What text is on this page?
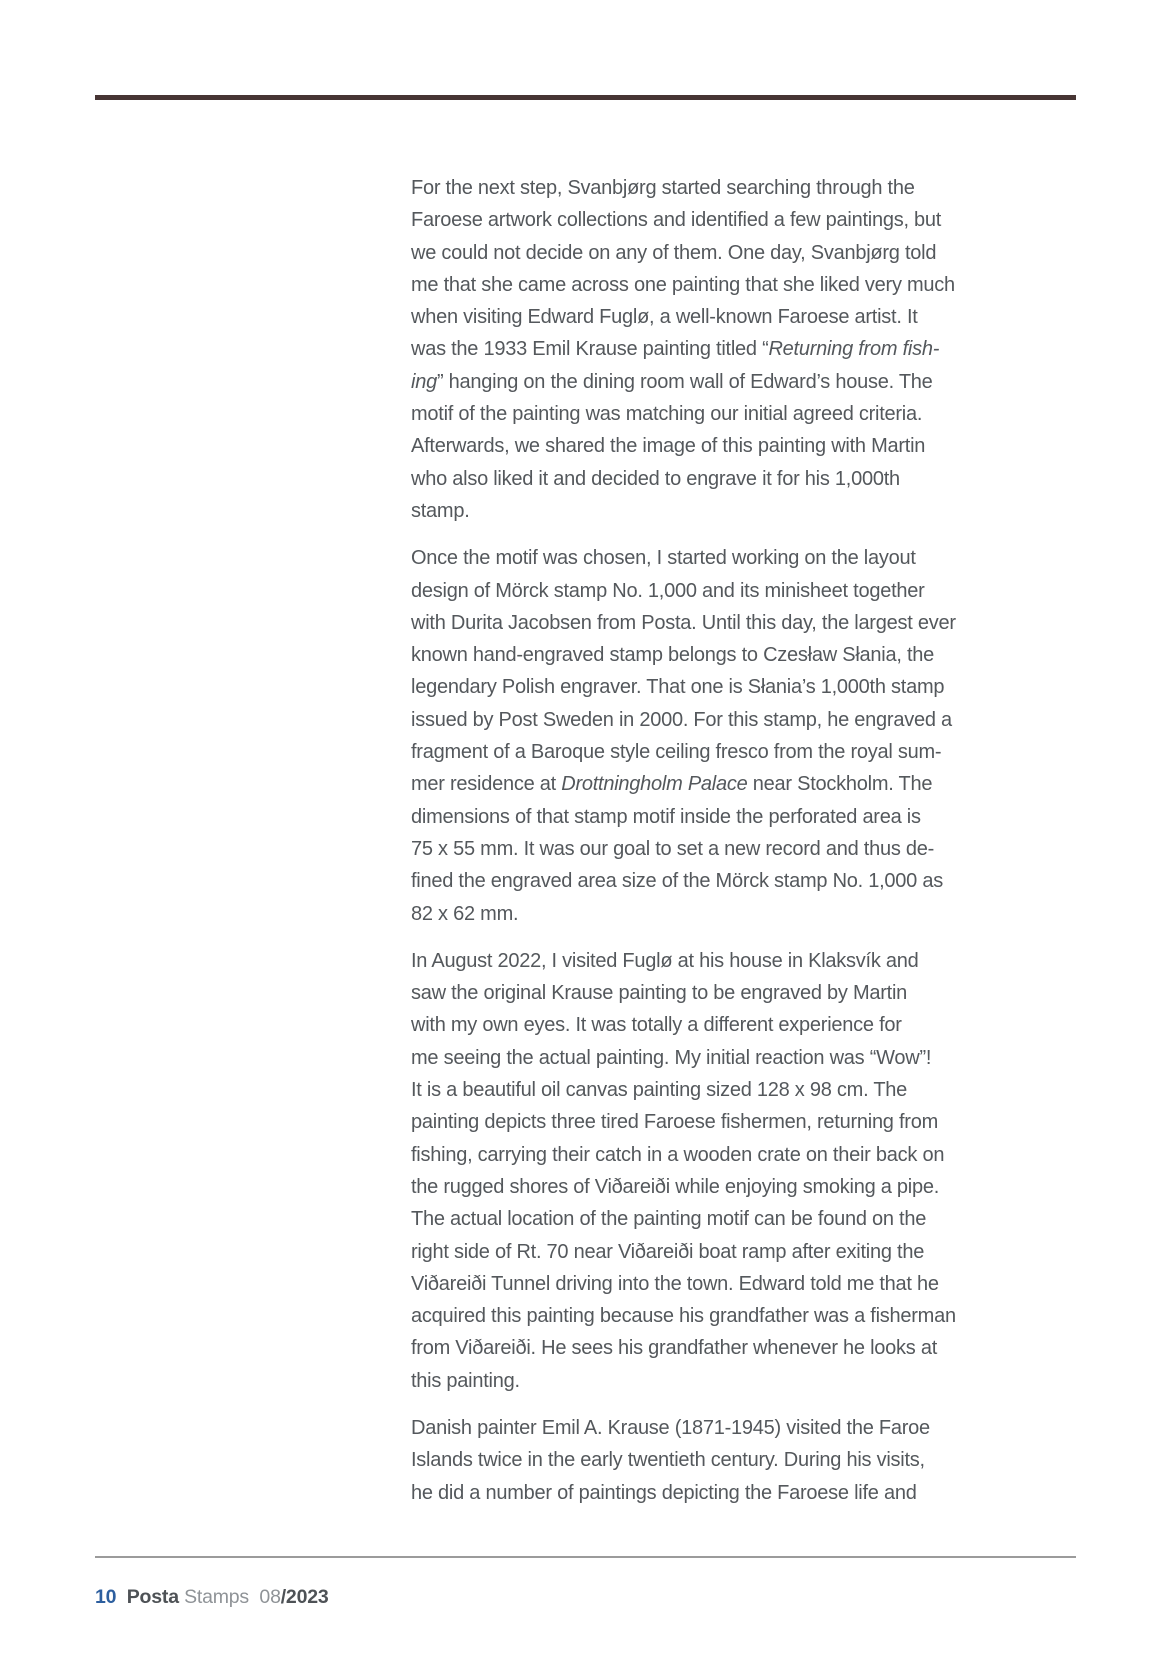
For the next step, Svanbjørg started searching through the
Faroese artwork collections and identified a few paintings, but
we could not decide on any of them. One day, Svanbjørg told
me that she came across one painting that she liked very much
when visiting Edward Fuglø, a well-known Faroese artist. It
was the 1933 Emil Krause painting titled “Returning from fish-
ing” hanging on the dining room wall of Edward’s house. The
motif of the painting was matching our initial agreed criteria.
Afterwards, we shared the image of this painting with Martin
who also liked it and decided to engrave it for his 1,000th
stamp.

Once the motif was chosen, I started working on the layout
design of Mörck stamp No. 1,000 and its minisheet together
with Durita Jacobsen from Posta. Until this day, the largest ever
known hand-engraved stamp belongs to Czesław Słania, the
legendary Polish engraver. That one is Słania’s 1,000th stamp
issued by Post Sweden in 2000. For this stamp, he engraved a
fragment of a Baroque style ceiling fresco from the royal sum-
mer residence at Drottningholm Palace near Stockholm. The
dimensions of that stamp motif inside the perforated area is
75 x 55 mm. It was our goal to set a new record and thus de-
fined the engraved area size of the Mörck stamp No. 1,000 as
82 x 62 mm.

In August 2022, I visited Fuglø at his house in Klaksvík and
saw the original Krause painting to be engraved by Martin
with my own eyes. It was totally a different experience for
me seeing the actual painting. My initial reaction was “Wow”!
It is a beautiful oil canvas painting sized 128 x 98 cm. The
painting depicts three tired Faroese fishermen, returning from
fishing, carrying their catch in a wooden crate on their back on
the rugged shores of Viðareiði while enjoying smoking a pipe.
The actual location of the painting motif can be found on the
right side of Rt. 70 near Viðareiði boat ramp after exiting the
Viðareiði Tunnel driving into the town. Edward told me that he
acquired this painting because his grandfather was a fisherman
from Viðareiði. He sees his grandfather whenever he looks at
this painting.

Danish painter Emil A. Krause (1871-1945) visited the Faroe
Islands twice in the early twentieth century. During his visits,
he did a number of paintings depicting the Faroese life and

10 Posta Stamps 08/2023
